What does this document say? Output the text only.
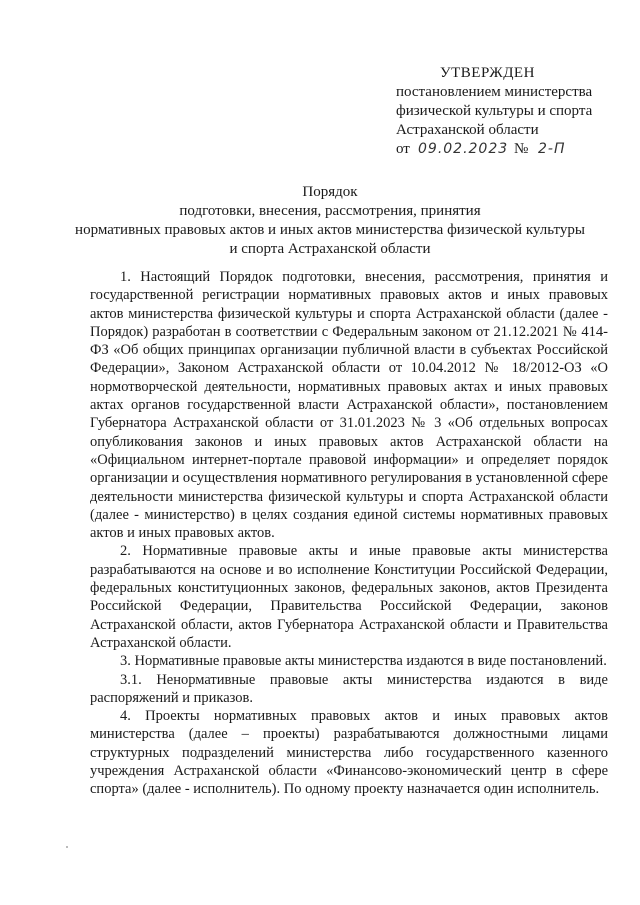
УТВЕРЖДЕН
постановлением министерства
физической культуры и спорта
Астраханской области
от 09.02.2023 № 2-П
Порядок
подготовки, внесения, рассмотрения, принятия
нормативных правовых актов и иных актов министерства физической культуры
и спорта Астраханской области

1. Настоящий Порядок подготовки, внесения, рассмотрения, принятия и государственной регистрации нормативных правовых актов и иных правовых актов министерства физической культуры и спорта Астраханской области (далее - Порядок) разработан в соответствии с Федеральным законом от 21.12.2021 № 414-ФЗ «Об общих принципах организации публичной власти в субъектах Российской Федерации», Законом Астраханской области от 10.04.2012 № 18/2012-ОЗ «О нормотворческой деятельности, нормативных правовых актах и иных правовых актах органов государственной власти Астраханской области», постановлением Губернатора Астраханской области от 31.01.2023 № 3 «Об отдельных вопросах опубликования законов и иных правовых актов Астраханской области на «Официальном интернет-портале правовой информации» и определяет порядок организации и осуществления нормативного регулирования в установленной сфере деятельности министерства физической культуры и спорта Астраханской области (далее - министерство) в целях создания единой системы нормативных правовых актов и иных правовых актов.

2. Нормативные правовые акты и иные правовые акты министерства разрабатываются на основе и во исполнение Конституции Российской Федерации, федеральных конституционных законов, федеральных законов, актов Президента Российской Федерации, Правительства Российской Федерации, законов Астраханской области, актов Губернатора Астраханской области и Правительства Астраханской области.

3. Нормативные правовые акты министерства издаются в виде постановлений.

3.1. Ненормативные правовые акты министерства издаются в виде распоряжений и приказов.

4. Проекты нормативных правовых актов и иных правовых актов министерства (далее – проекты) разрабатываются должностными лицами структурных подразделений министерства либо государственного казенного учреждения Астраханской области «Финансово-экономический центр в сфере спорта» (далее - исполнитель). По одному проекту назначается один исполнитель.
